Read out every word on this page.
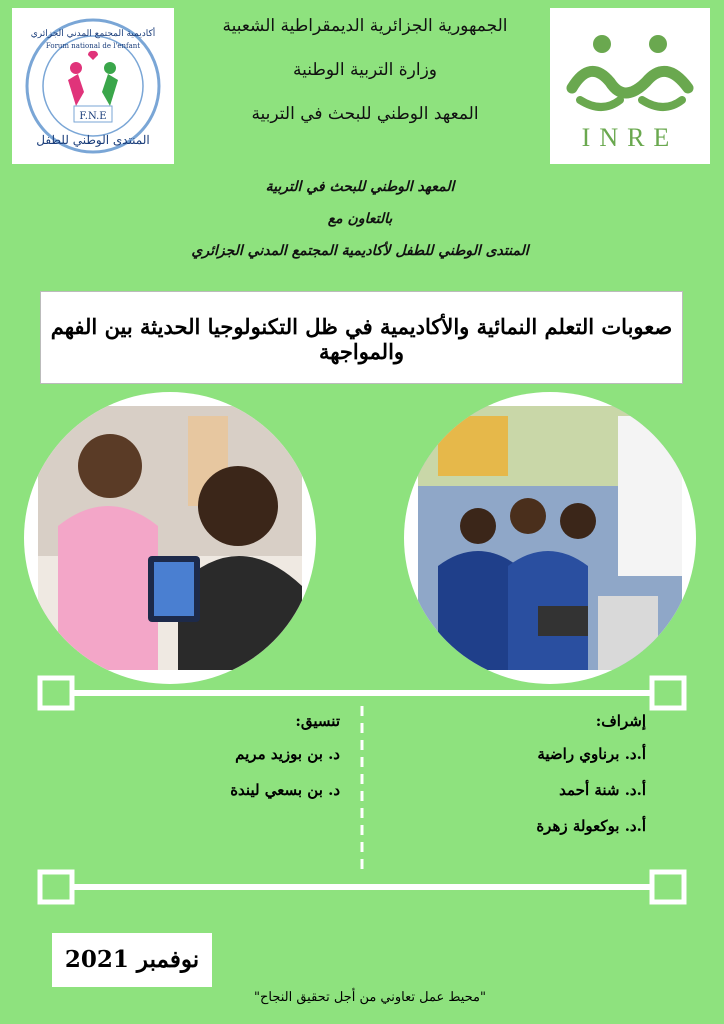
F.N.E
أكاديمية المجتمع المدني الجزائري
Forum national de l'enfant
المنتدى الوطني للطفل	INRE
الجمهورية الجزائرية الديمقراطية الشعبية
وزارة التربية الوطنية
المعهد الوطني للبحث في التربية
المعهد الوطني للبحث في التربية
بالتعاون مع
المنتدى الوطني للطفل لأكاديمية المجتمع المدني الجزائري
صعوبات التعلم النمائية والأكاديمية في ظل التكنولوجيا الحديثة بين الفهم والمواجهة
إشراف:
أ.د. برناوي راضية
أ.د. شنة أحمد
أ.د. بوكعولة زهرة
تنسيق:
د. بن بوزيد مريم
د. بن بسعي ليندة
نوفمبر 2021
"محيط عمل تعاوني من أجل تحقيق النجاح"
